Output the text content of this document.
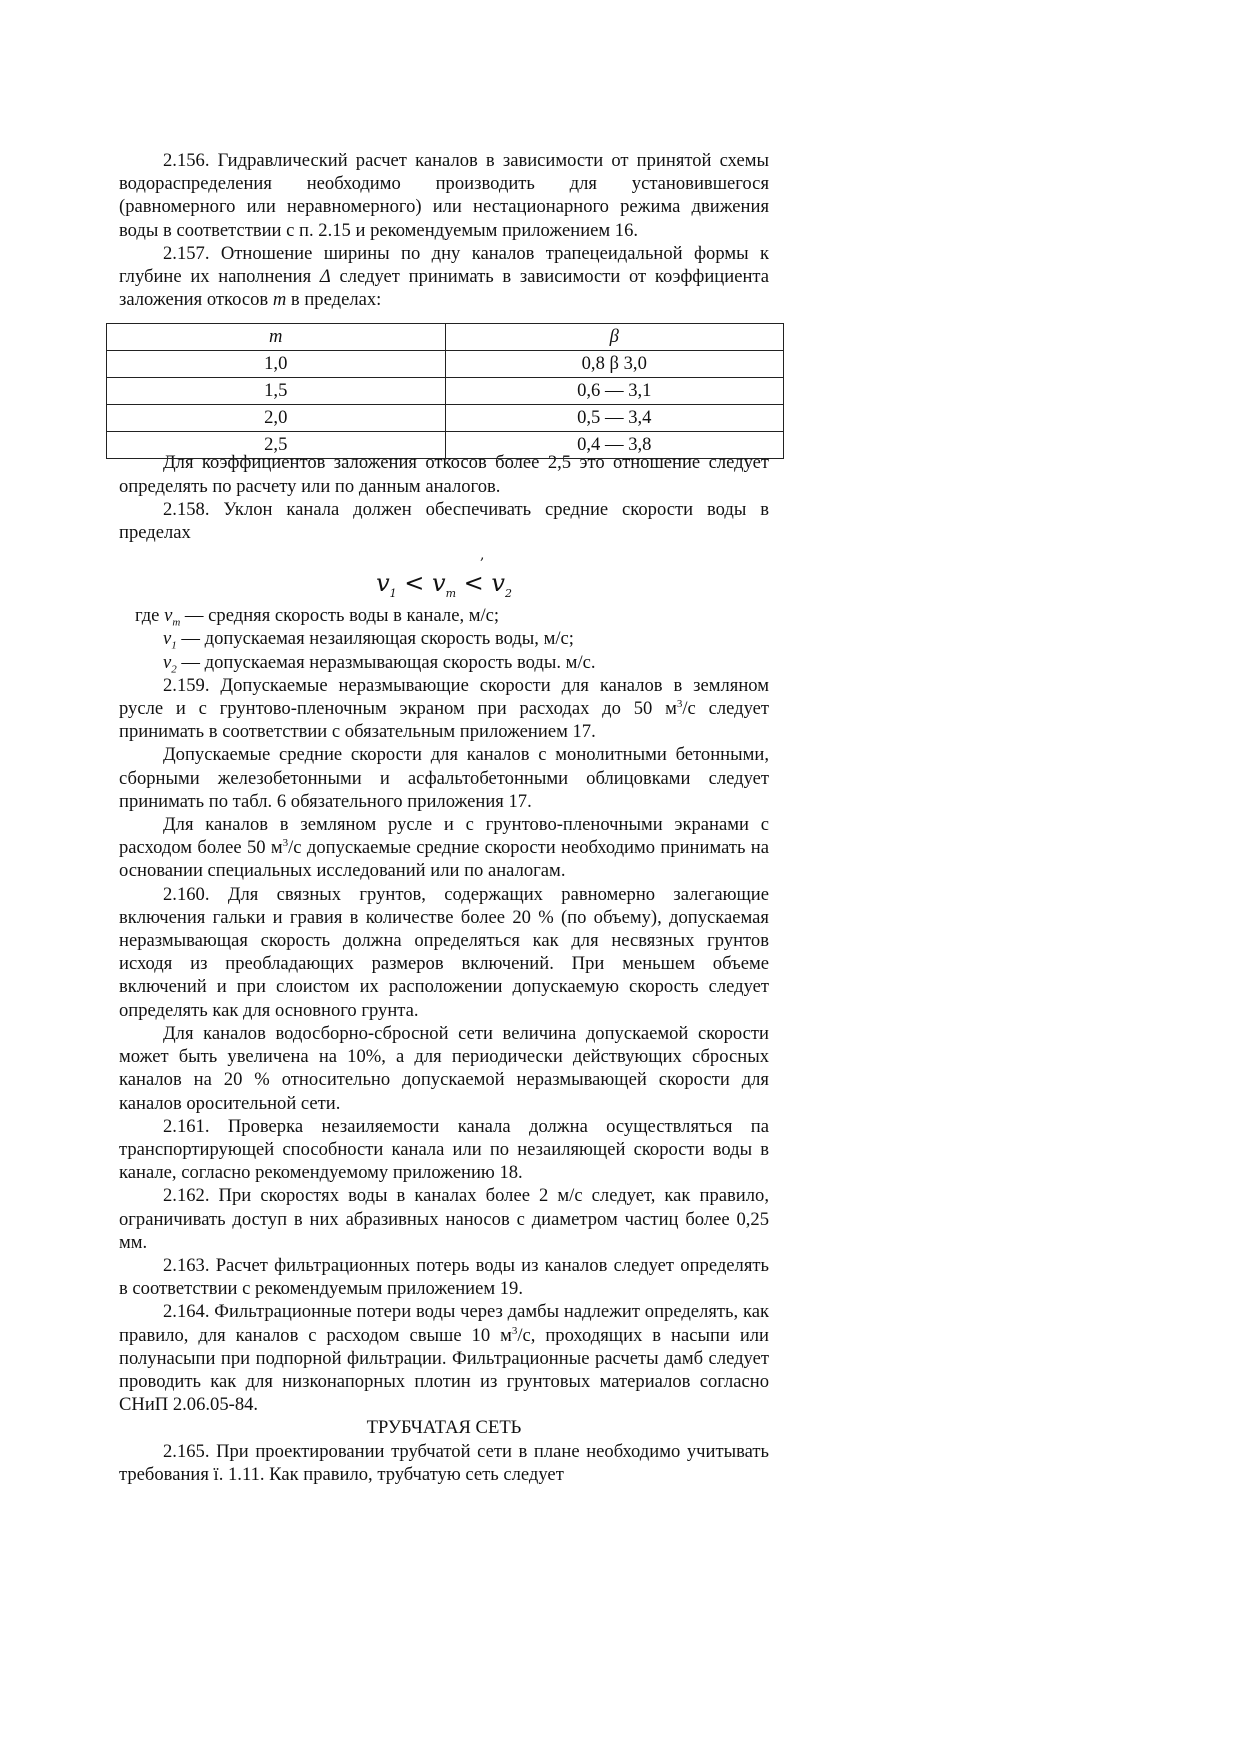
2.156. Гидравлический расчет каналов в зависимости от принятой схемы водораспределения необходимо производить для установившегося (равномерного или неравномерного) или нестационарного режима движения воды в соответствии с п. 2.15 и рекомендуемым приложением 16.

2.157. Отношение ширины по дну каналов трапецеидальной формы к глубине их наполнения Δ следует принимать в зависимости от коэффициента заложения откосов m в пределах:

m	β
1,0	0,8 β 3,0
1,5	0,6 — 3,1
2,0	0,5 — 3,4
2,5	0,4 — 3,8

Для коэффициентов заложения откосов более 2,5 это отношение следует определять по расчету или по данным аналогов.

2.158. Уклон канала должен обеспечивать средние скорости воды в пределах

,
$v_1 < v_m < v_2$

где $v_m$ — средняя скорость воды в канале, м/с;

$v_1$ — допускаемая незаиляющая скорость воды, м/с;

$v_2$ — допускаемая неразмывающая скорость воды. м/с.

2.159. Допускаемые неразмывающие скорости для каналов в земляном русле и с грунтово-пленочным экраном при расходах до 50 $м^3/с$ следует принимать в соответствии с обязательным приложением 17.

Допускаемые средние скорости для каналов с монолитными бетонными, сборными железобетонными и асфальтобетонными облицовками следует принимать по табл. 6 обязательного приложения 17.

Для каналов в земляном русле и с грунтово-пленочными экранами с расходом более 50 $м^3/с$ допускаемые средние скорости необходимо принимать на основании специальных исследований или по аналогам.

2.160. Для связных грунтов, содержащих равномерно залегающие включения гальки и гравия в количестве более 20 % (по объему), допускаемая неразмывающая скорость должна определяться как для несвязных грунтов исходя из преобладающих размеров включений. При меньшем объеме включений и при слоистом их расположении допускаемую скорость следует определять как для основного грунта.

Для каналов водосборно-сбросной сети величина допускаемой скорости может быть увеличена на 10%, а для периодически действующих сбросных каналов на 20 % относительно допускаемой неразмывающей скорости для каналов оросительной сети.

2.161. Проверка незаиляемости канала должна осуществляться па транспортирующей способности канала или по незаиляющей скорости воды в канале, согласно рекомендуемому приложению 18.

2.162. При скоростях воды в каналах более 2 м/с следует, как правило, ограничивать доступ в них абразивных наносов с диаметром частиц более 0,25 мм.

2.163. Расчет фильтрационных потерь воды из каналов следует определять в соответствии с рекомендуемым приложением 19.

2.164. Фильтрационные потери воды через дамбы надлежит определять, как правило, для каналов с расходом свыше 10 $м^3/с$, проходящих в насыпи или полунасыпи при подпорной фильтрации. Фильтрационные расчеты дамб следует проводить как для низконапорных плотин из грунтовых материалов согласно СНиП 2.06.05-84.

ТРУБЧАТАЯ СЕТЬ

2.165. При проектировании трубчатой сети в плане необходимо учитывать требования ï. 1.11. Как правило, трубчатую сеть следует
